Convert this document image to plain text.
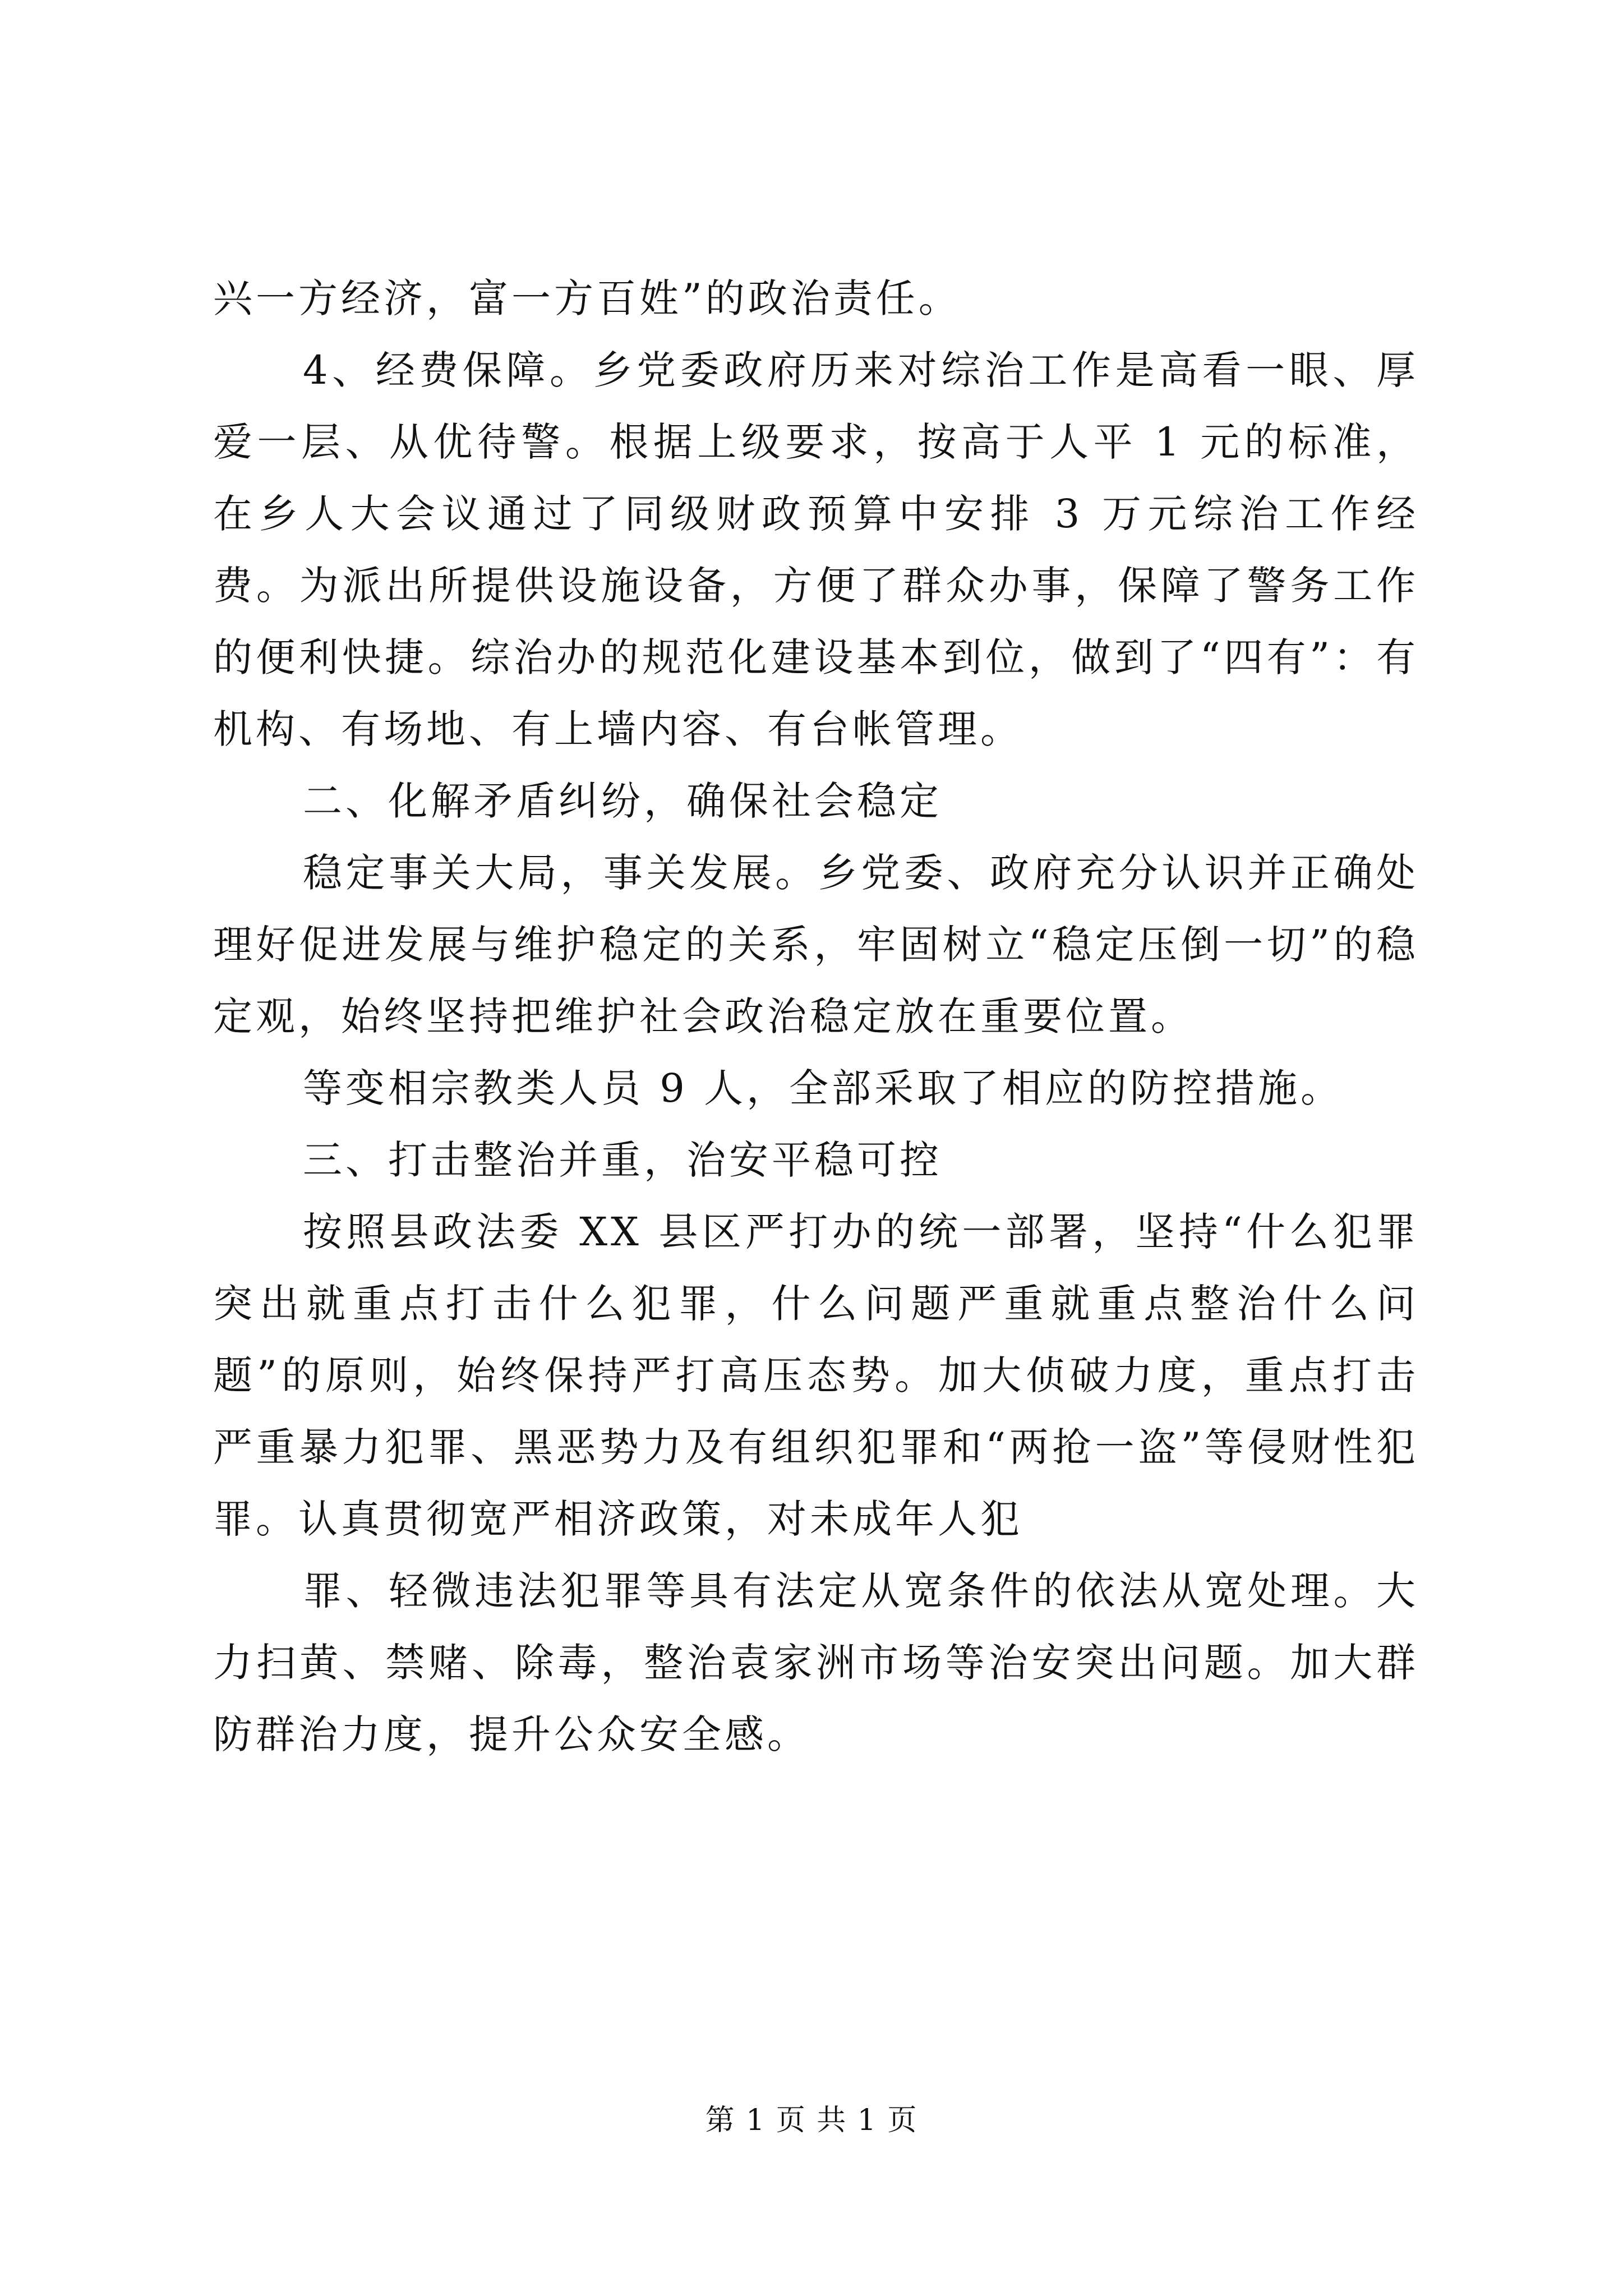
兴一方经济，富一方百姓”的政治责任。

4、经费保障。乡党委政府历来对综治工作是高看一眼、厚爱一层、从优待警。根据上级要求，按高于人平 1 元的标准，在乡人大会议通过了同级财政预算中安排 3 万元综治工作经费。为派出所提供设施设备，方便了群众办事，保障了警务工作的便利快捷。综治办的规范化建设基本到位，做到了“四有”：有机构、有场地、有上墙内容、有台帐管理。

二、化解矛盾纠纷，确保社会稳定

稳定事关大局，事关发展。乡党委、政府充分认识并正确处理好促进发展与维护稳定的关系，牢固树立“稳定压倒一切”的稳定观，始终坚持把维护社会政治稳定放在重要位置。

等变相宗教类人员 9 人，全部采取了相应的防控措施。

三、打击整治并重，治安平稳可控

按照县政法委 XX 县区严打办的统一部署，坚持“什么犯罪突出就重点打击什么犯罪，什么问题严重就重点整治什么问题”的原则，始终保持严打高压态势。加大侦破力度，重点打击严重暴力犯罪、黑恶势力及有组织犯罪和“两抢一盗”等侵财性犯罪。认真贯彻宽严相济政策，对未成年人犯

罪、轻微违法犯罪等具有法定从宽条件的依法从宽处理。大力扫黄、禁赌、除毒，整治袁家洲市场等治安突出问题。加大群防群治力度，提升公众安全感。

第 1 页 共 1 页
